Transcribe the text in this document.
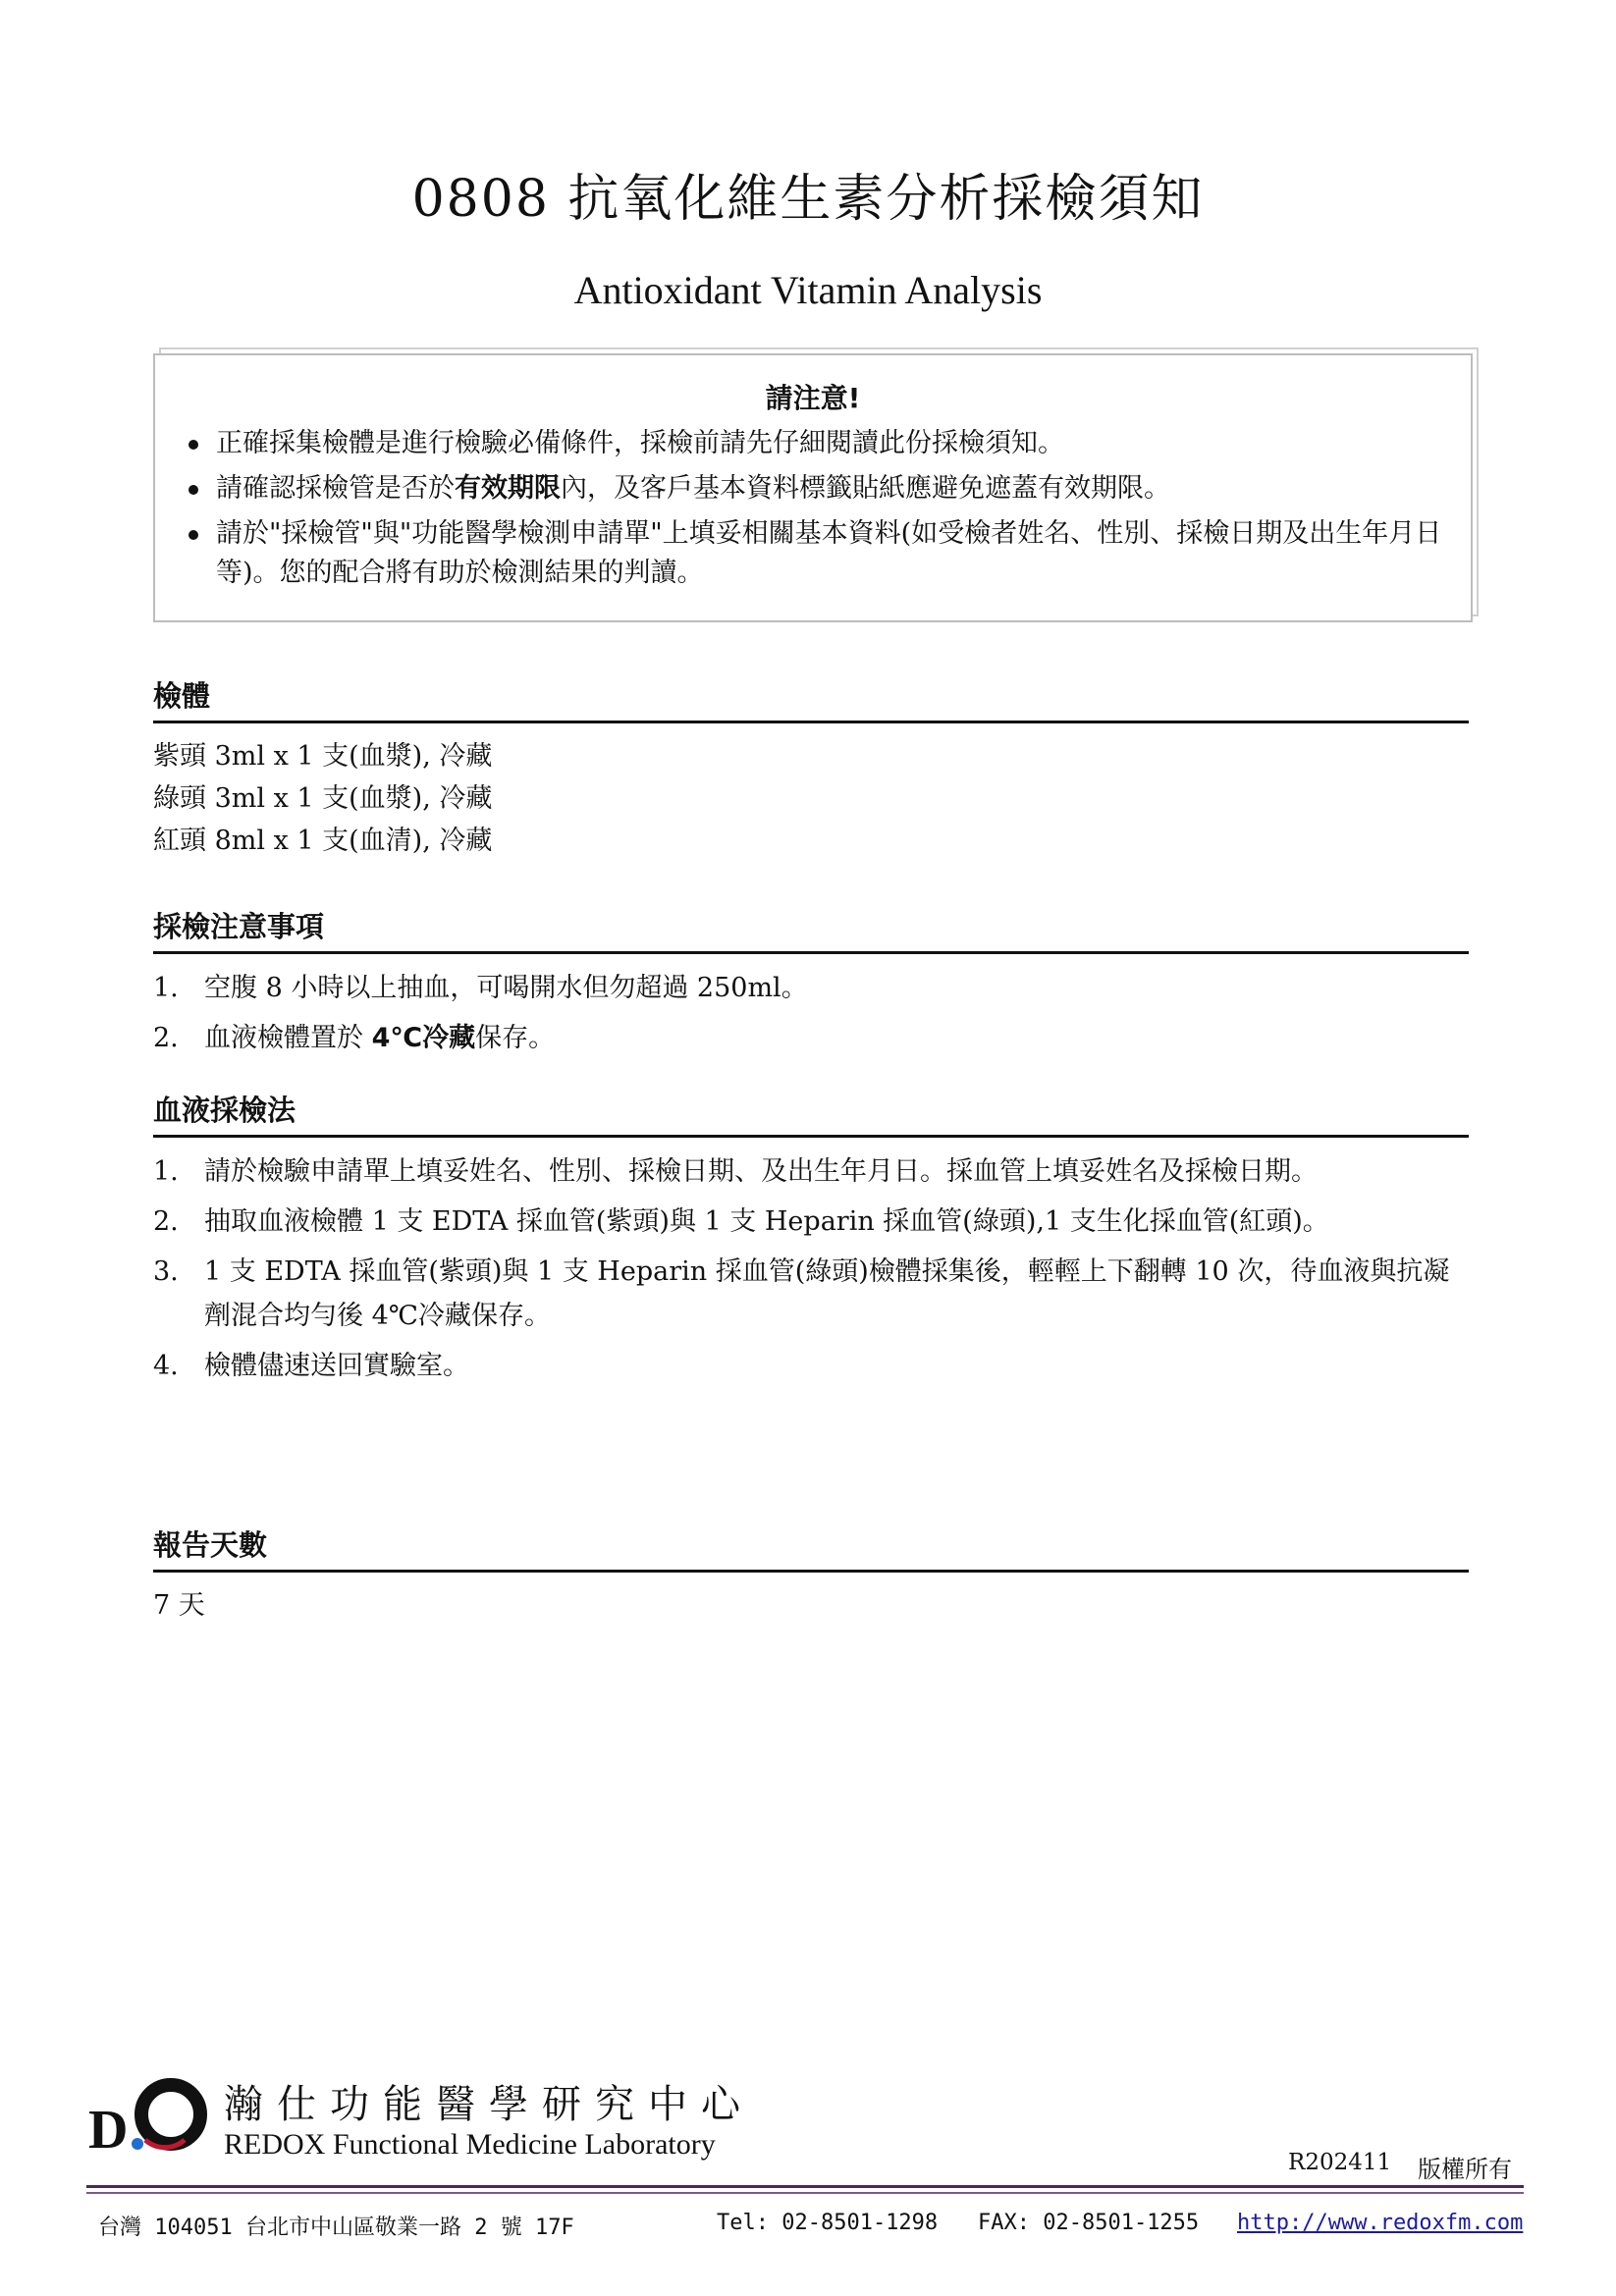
0808 抗氧化維生素分析採檢須知
Antioxidant Vitamin Analysis
請注意!
正確採集檢體是進行檢驗必備條件，採檢前請先仔細閱讀此份採檢須知。
請確認採檢管是否於有效期限內，及客戶基本資料標籤貼紙應避免遮蓋有效期限。
請於"採檢管"與"功能醫學檢測申請單"上填妥相關基本資料(如受檢者姓名、性別、採檢日期及出生年月日等)。您的配合將有助於檢測結果的判讀。
檢體
紫頭 3ml x 1 支(血漿), 冷藏
綠頭 3ml x 1 支(血漿), 冷藏
紅頭 8ml x 1 支(血清), 冷藏
採檢注意事項
1. 空腹 8 小時以上抽血，可喝開水但勿超過 250ml。
2. 血液檢體置於 4℃冷藏保存。
血液採檢法
1. 請於檢驗申請單上填妥姓名、性別、採檢日期、及出生年月日。採血管上填妥姓名及採檢日期。
2. 抽取血液檢體 1 支 EDTA 採血管(紫頭)與 1 支 Heparin 採血管(綠頭),1 支生化採血管(紅頭)。
3. 1 支 EDTA 採血管(紫頭)與 1 支 Heparin 採血管(綠頭)檢體採集後，輕輕上下翻轉 10 次，待血液與抗凝劑混合均勻後 4℃冷藏保存。
4. 檢體儘速送回實驗室。
報告天數
7 天
D 瀚仕功能醫學研究中心
REDOX Functional Medicine Laboratory
R202411 版權所有
台灣 104051 台北市中山區敬業一路 2 號 17F	Tel: 02-8501-1298 FAX: 02-8501-1255 http://www.redoxfm.com
